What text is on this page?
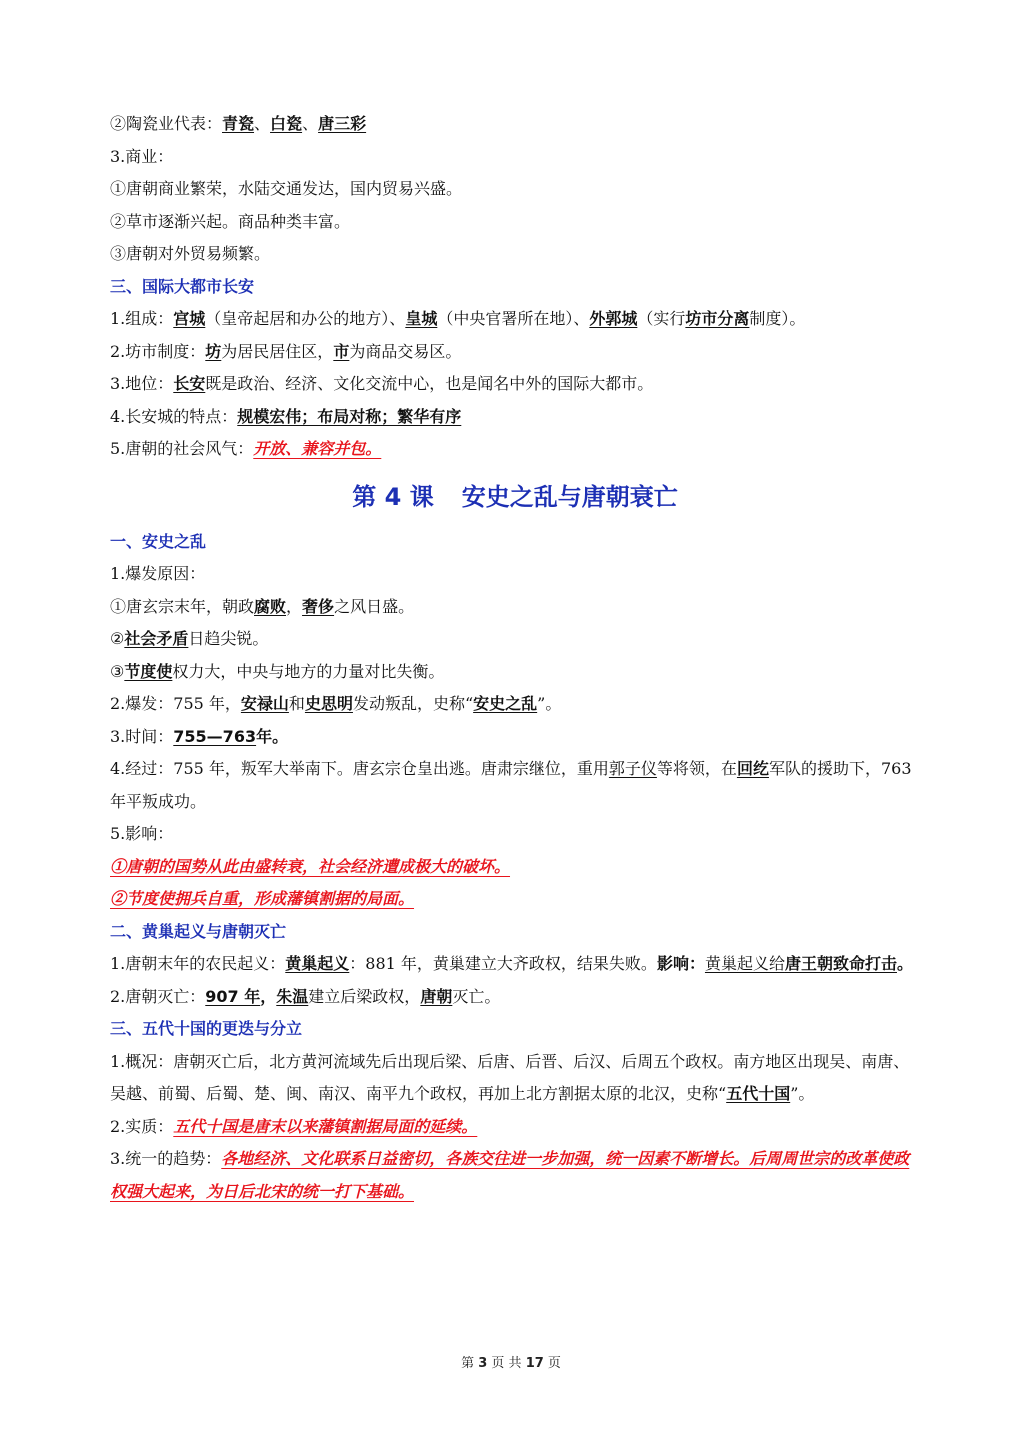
②陶瓷业代表：青瓷、白瓷、唐三彩

3.商业：

①唐朝商业繁荣，水陆交通发达，国内贸易兴盛。

②草市逐渐兴起。商品种类丰富。

③唐朝对外贸易频繁。

三、国际大都市长安

1.组成：宫城（皇帝起居和办公的地方）、皇城（中央官署所在地）、外郭城（实行坊市分离制度）。

2.坊市制度：坊为居民居住区，市为商品交易区。

3.地位：长安既是政治、经济、文化交流中心，也是闻名中外的国际大都市。

4.长安城的特点：规模宏伟；布局对称；繁华有序

5.唐朝的社会风气：开放、兼容并包。

第 4 课 安史之乱与唐朝衰亡

一、安史之乱

1.爆发原因：

①唐玄宗末年，朝政腐败，奢侈之风日盛。

②社会矛盾日趋尖锐。

③节度使权力大，中央与地方的力量对比失衡。

2.爆发：755 年，安禄山和史思明发动叛乱，史称“安史之乱”。

3.时间：755—763年。

4.经过：755 年，叛军大举南下。唐玄宗仓皇出逃。唐肃宗继位，重用郭子仪等将领，在回纥军队的援助下，763 年平叛成功。

5.影响：

①唐朝的国势从此由盛转衰，社会经济遭成极大的破坏。

②节度使拥兵自重，形成藩镇割据的局面。

二、黄巢起义与唐朝灭亡

1.唐朝末年的农民起义：黄巢起义：881 年，黄巢建立大齐政权，结果失败。影响：黄巢起义给唐王朝致命打击。

2.唐朝灭亡：907 年，朱温建立后梁政权，唐朝灭亡。

三、五代十国的更迭与分立

1.概况：唐朝灭亡后，北方黄河流域先后出现后梁、后唐、后晋、后汉、后周五个政权。南方地区出现吴、南唐、吴越、前蜀、后蜀、楚、闽、南汉、南平九个政权，再加上北方割据太原的北汉，史称“五代十国”。

2.实质：五代十国是唐末以来藩镇割据局面的延续。

3.统一的趋势：各地经济、文化联系日益密切，各族交往进一步加强，统一因素不断增长。后周周世宗的改革使政权强大起来，为日后北宋的统一打下基础。

第 3 页 共 17 页
